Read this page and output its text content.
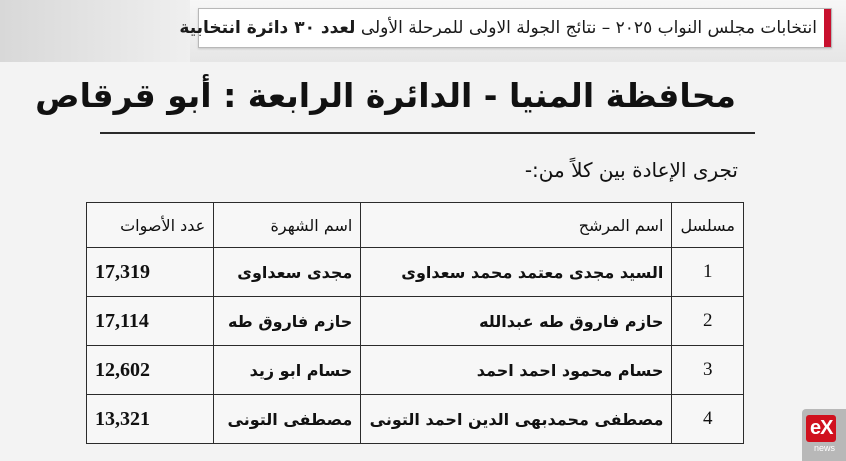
انتخابات مجلس النواب ٢٠٢٥ – نتائج الجولة الاولى للمرحلة الأولى لعدد ٣٠ دائرة انتخابية
محافظة المنيا - الدائرة الرابعة : أبو قرقاص
تجرى الإعادة بين كلاً من:-
مسلسل	اسم المرشح	اسم الشهرة	عدد الأصوات
1	السيد مجدى معتمد محمد سعداوى	مجدى سعداوى	17,319
2	حازم فاروق طه عبدالله	حازم فاروق طه	17,114
3	حسام محمود احمد احمد	حسام ابو زيد	12,602
4	مصطفى محمدبهى الدين احمد التونى	مصطفى التونى	13,321	eX
news
